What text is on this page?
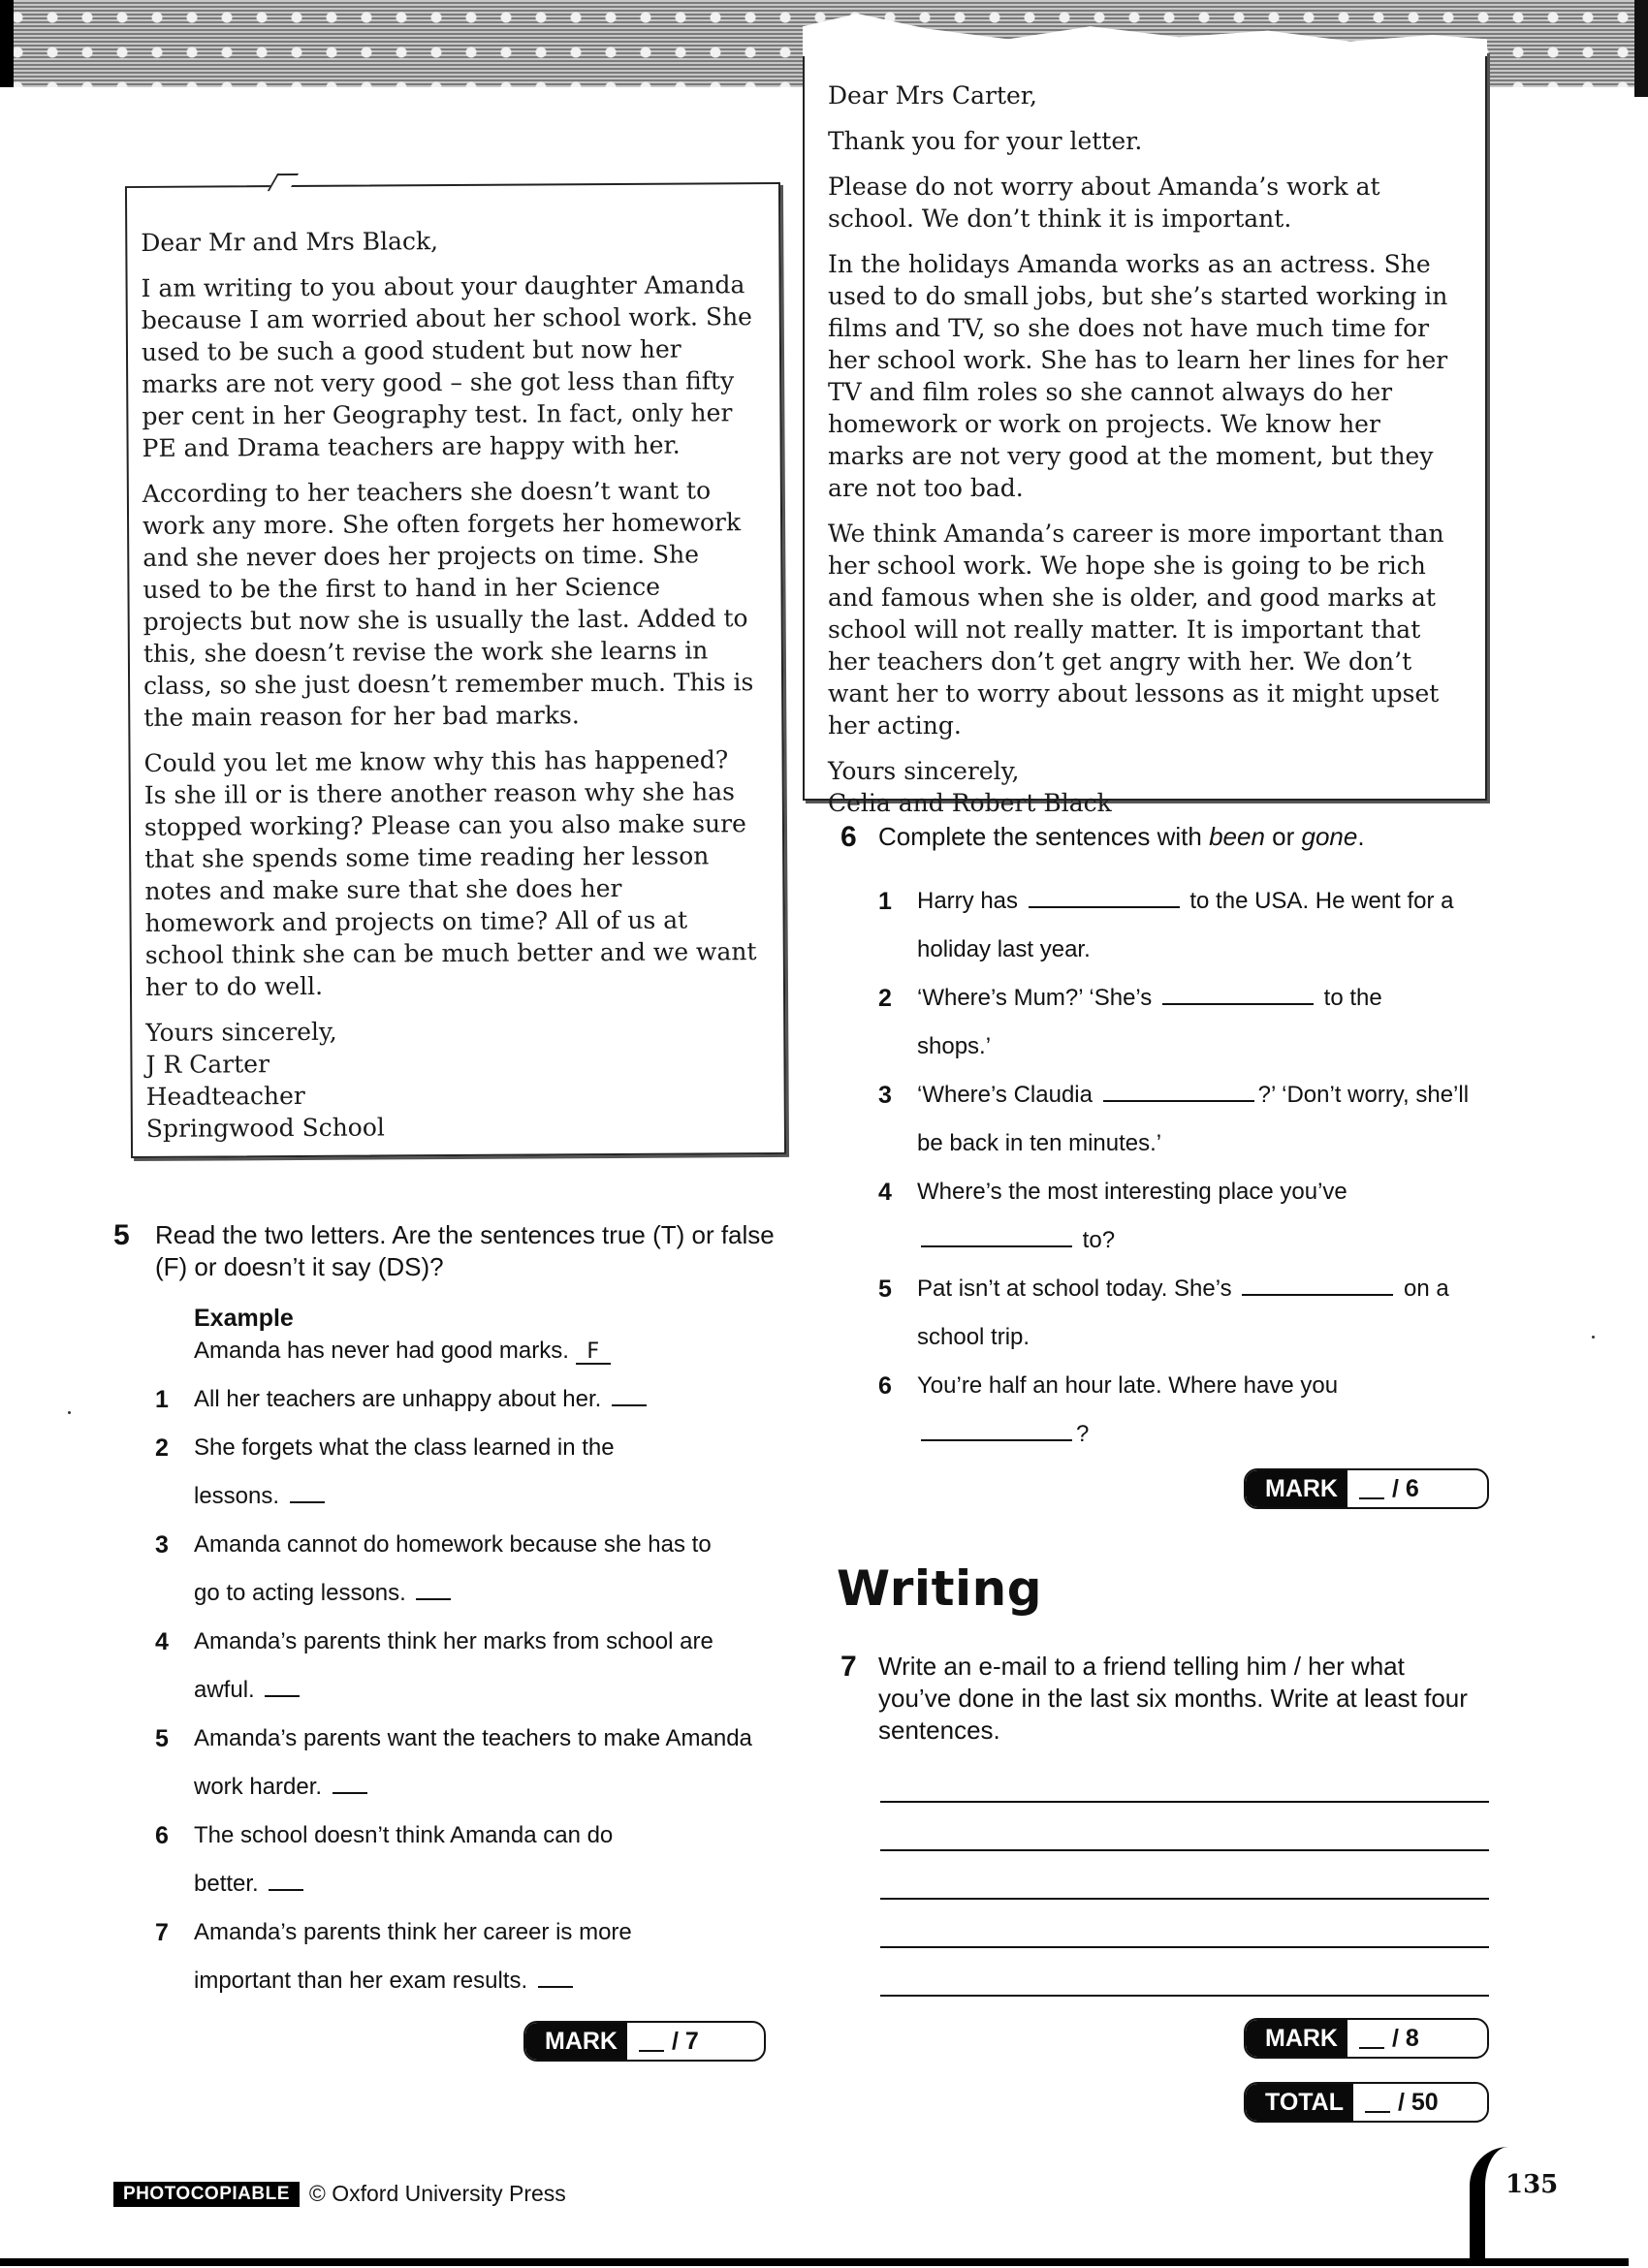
Dear Mr and Mrs Black,

I am writing to you about your daughter Amanda because I am worried about her school work. She used to be such a good student but now her marks are not very good – she got less than fifty per cent in her Geography test. In fact, only her PE and Drama teachers are happy with her.

According to her teachers she doesn’t want to work any more. She often forgets her homework and she never does her projects on time. She used to be the first to hand in her Science projects but now she is usually the last. Added to this, she doesn’t revise the work she learns in class, so she just doesn’t remember much. This is the main reason for her bad marks.

Could you let me know why this has happened? Is she ill or is there another reason why she has stopped working? Please can you also make sure that she spends some time reading her lesson notes and make sure that she does her homework and projects on time? All of us at school think she can be much better and we want her to do well.

Yours sincerely,
J R Carter
Headteacher
Springwood School

Dear Mrs Carter,

Thank you for your letter.

Please do not worry about Amanda’s work at school. We don’t think it is important.

In the holidays Amanda works as an actress. She used to do small jobs, but she’s started working in films and TV, so she does not have much time for her school work. She has to learn her lines for her TV and film roles so she cannot always do her homework or work on projects. We know her marks are not very good at the moment, but they are not too bad.

We think Amanda’s career is more important than her school work. We hope she is going to be rich and famous when she is older, and good marks at school will not really matter. It is important that her teachers don’t get angry with her. We don’t want her to worry about lessons as it might upset her acting.

Yours sincerely,
Celia and Robert Black
5 Read the two letters. Are the sentences true (T) or false (F) or doesn’t it say (DS)?
Example
Amanda has never had good marks. F
1 All her teachers are unhappy about her.
2 She forgets what the class learned in the lessons.
3 Amanda cannot do homework because she has to go to acting lessons.
4 Amanda’s parents think her marks from school are awful.
5 Amanda’s parents want the teachers to make Amanda work harder.
6 The school doesn’t think Amanda can do better.
7 Amanda’s parents think her career is more important than her exam results.
MARK	/ 7
6 Complete the sentences with been or gone.
1 Harry has	to the USA. He went for a holiday last year.
2 ‘Where’s Mum?’ ‘She’s	to the shops.’
3 ‘Where’s Claudia	?’ ‘Don’t worry, she’ll be back in ten minutes.’
4 Where’s the most interesting place you’ve  to?
5 Pat isn’t at school today. She’s	on a school trip.
6 You’re half an hour late. Where have you ?
MARK	/ 6
Writing
7 Write an e-mail to a friend telling him / her what you’ve done in the last six months. Write at least four sentences.
MARK	/ 8
TOTAL	/ 50
PHOTOCOPIABLE © Oxford University Press	135
